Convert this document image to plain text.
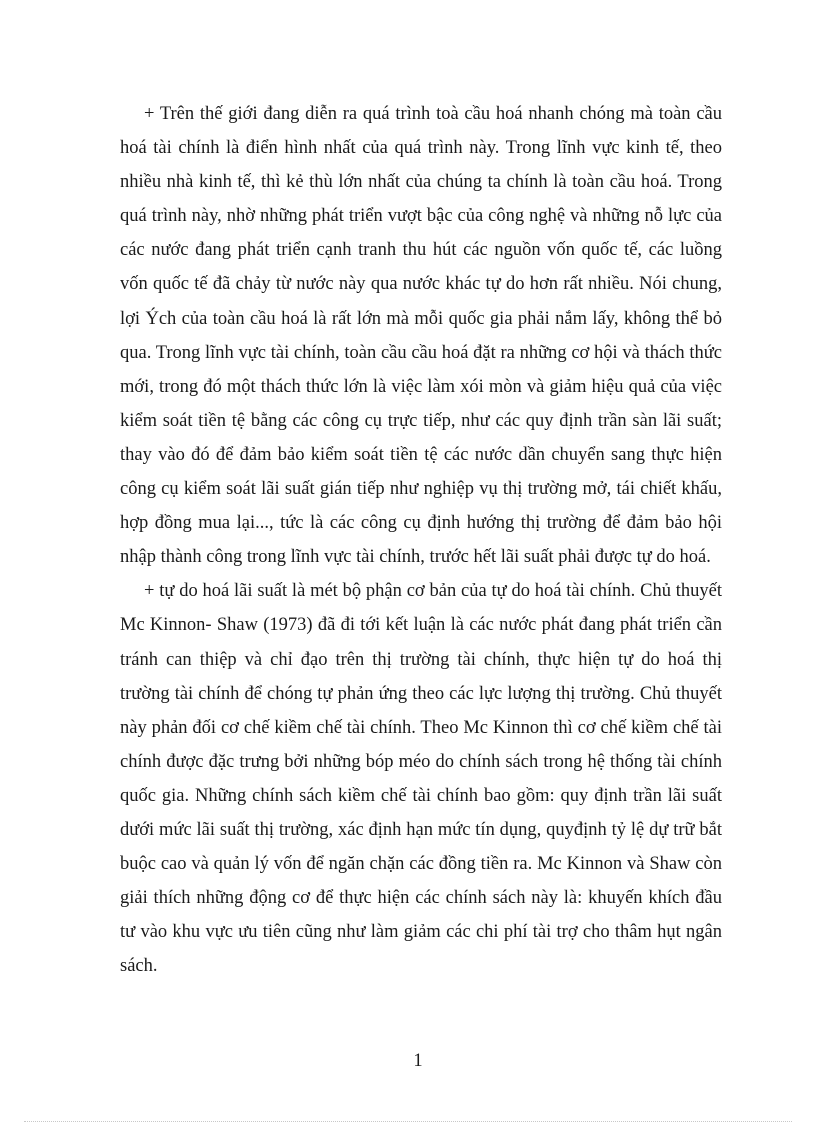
+ Trên thế giới đang diễn ra quá trình toà cầu hoá nhanh chóng mà toàn cầu hoá tài chính là điển hình nhất của quá trình này. Trong lĩnh vực kinh tế, theo nhiều nhà kinh tế, thì kẻ thù lớn nhất của chúng ta chính là toàn cầu hoá. Trong quá trình này, nhờ những phát triển vượt bậc của công nghệ và những nỗ lực của các nước đang phát triển cạnh tranh thu hút các nguồn vốn quốc tế, các luồng vốn quốc tế đã chảy từ nước này qua nước khác tự do hơn rất nhiều. Nói chung, lợi Ých của toàn cầu hoá là rất lớn mà mỗi quốc gia phải nắm lấy, không thể bỏ qua. Trong lĩnh vực tài chính, toàn cầu cầu hoá đặt ra những cơ hội và thách thức mới, trong đó một thách thức lớn là việc làm xói mòn và giảm hiệu quả của việc kiểm soát tiền tệ bằng các công cụ trực tiếp, như các quy định trần sàn lãi suất; thay vào đó để đảm bảo kiểm soát tiền tệ các nước dần chuyển sang thực hiện công cụ kiểm soát lãi suất gián tiếp như nghiệp vụ thị trường mở, tái chiết khấu, hợp đồng mua lại..., tức là các công cụ định hướng thị trường để đảm bảo hội nhập thành công trong lĩnh vực tài chính, trước hết lãi suất phải được tự do hoá.

+ tự do hoá lãi suất là mét bộ phận cơ bản của tự do hoá tài chính. Chủ thuyết Mc Kinnon- Shaw (1973) đã đi tới kết luận là các nước phát đang phát triển cần tránh can thiệp và chỉ đạo trên thị trường tài chính, thực hiện tự do hoá thị trường tài chính để chóng tự phản ứng theo các lực lượng thị trường. Chủ thuyết này phản đối cơ chế kiềm chế tài chính. Theo Mc Kinnon thì cơ chế kiềm chế tài chính được đặc trưng bởi những bóp méo do chính sách trong hệ thống tài chính quốc gia. Những chính sách kiềm chế tài chính bao gồm: quy định trần lãi suất dưới mức lãi suất thị trường, xác định hạn mức tín dụng, quyđịnh tỷ lệ dự trữ bắt buộc cao và quản lý vốn để ngăn chặn các đồng tiền ra. Mc Kinnon và Shaw còn giải thích những động cơ để thực hiện các chính sách này là: khuyến khích đầu tư vào khu vực ưu tiên cũng như làm giảm các chi phí tài trợ cho thâm hụt ngân sách.

1
